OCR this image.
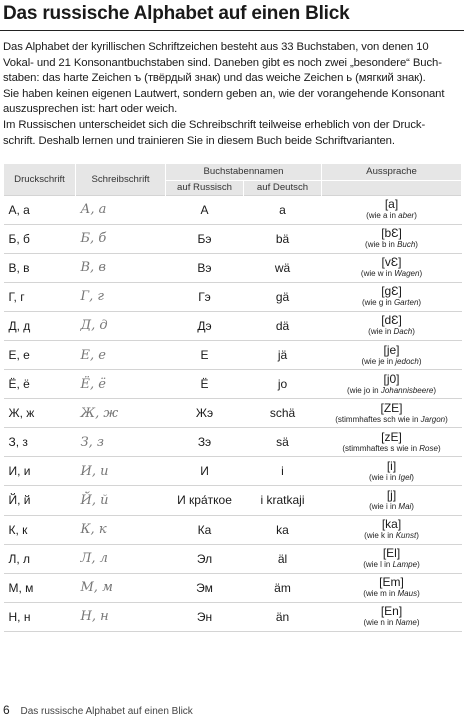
Das russische Alphabet auf einen Blick

Das Alphabet der kyrillischen Schriftzeichen besteht aus 33 Buchstaben, von denen 10

Vokal- und 21 Konsonantbuchstaben sind. Daneben gibt es noch zwei „besondere“ Buch-

staben: das harte Zeichen ъ (твёрдый знак) und das weiche Zeichen ь (мягкий знак).

Sie haben keinen eigenen Lautwert, sondern geben an, wie der vorangehende Konsonant

auszusprechen ist: hart oder weich.

Im Russischen unterscheidet sich die Schreibschrift teilweise erheblich von der Druck-

schrift. Deshalb lernen und trainieren Sie in diesem Buch beide Schriftvarianten.

Druckschrift	Schreibschrift	Buchstabennamen		Aussprache
		auf Russisch	auf Deutsch	
А, а	А, а	А	a	[a]
(wie a in aber)

Б, б	Б, б	Бэ	bä	[bƐ]
(wie b in Buch)

В, в	В, в	Вэ	wä	[vƐ]
(wie w in Wagen)

Г, г	Г, г	Гэ	gä	[gƐ]
(wie g in Garten)

Д, д	Д, д	Дэ	dä	[dƐ]
(wie in Dach)

Е, е	Е, е	Е	jä	[je]
(wie je in jedoch)

Ё, ё	Ё, ё	Ё	jo	[j0]
(wie jo in Johannisbeere)

Ж, ж	Ж, ж	Жэ	schä	[ZE]
(stimmhaftes sch wie in Jargon)

З, з	З, з	Зэ	sä	[zE]
(stimmhaftes s wie in Rose)

И, и	И, и	И	i	[i]
(wie i in Igel)

Й, й	Й, й	И кра́ткое	i kratkaji	[j]
(wie i in Mai)

К, к	К, к	Ка	ka	[ka]
(wie k in Kunst)

Л, л	Л, л	Эл	äl	[El]
(wie l in Lampe)

М, м	М, м	Эм	äm	[Em]
(wie m in Maus)

Н, н	Н, н	Эн	än	[En]
(wie n in Name)
6 Das russische Alphabet auf einen Blick
